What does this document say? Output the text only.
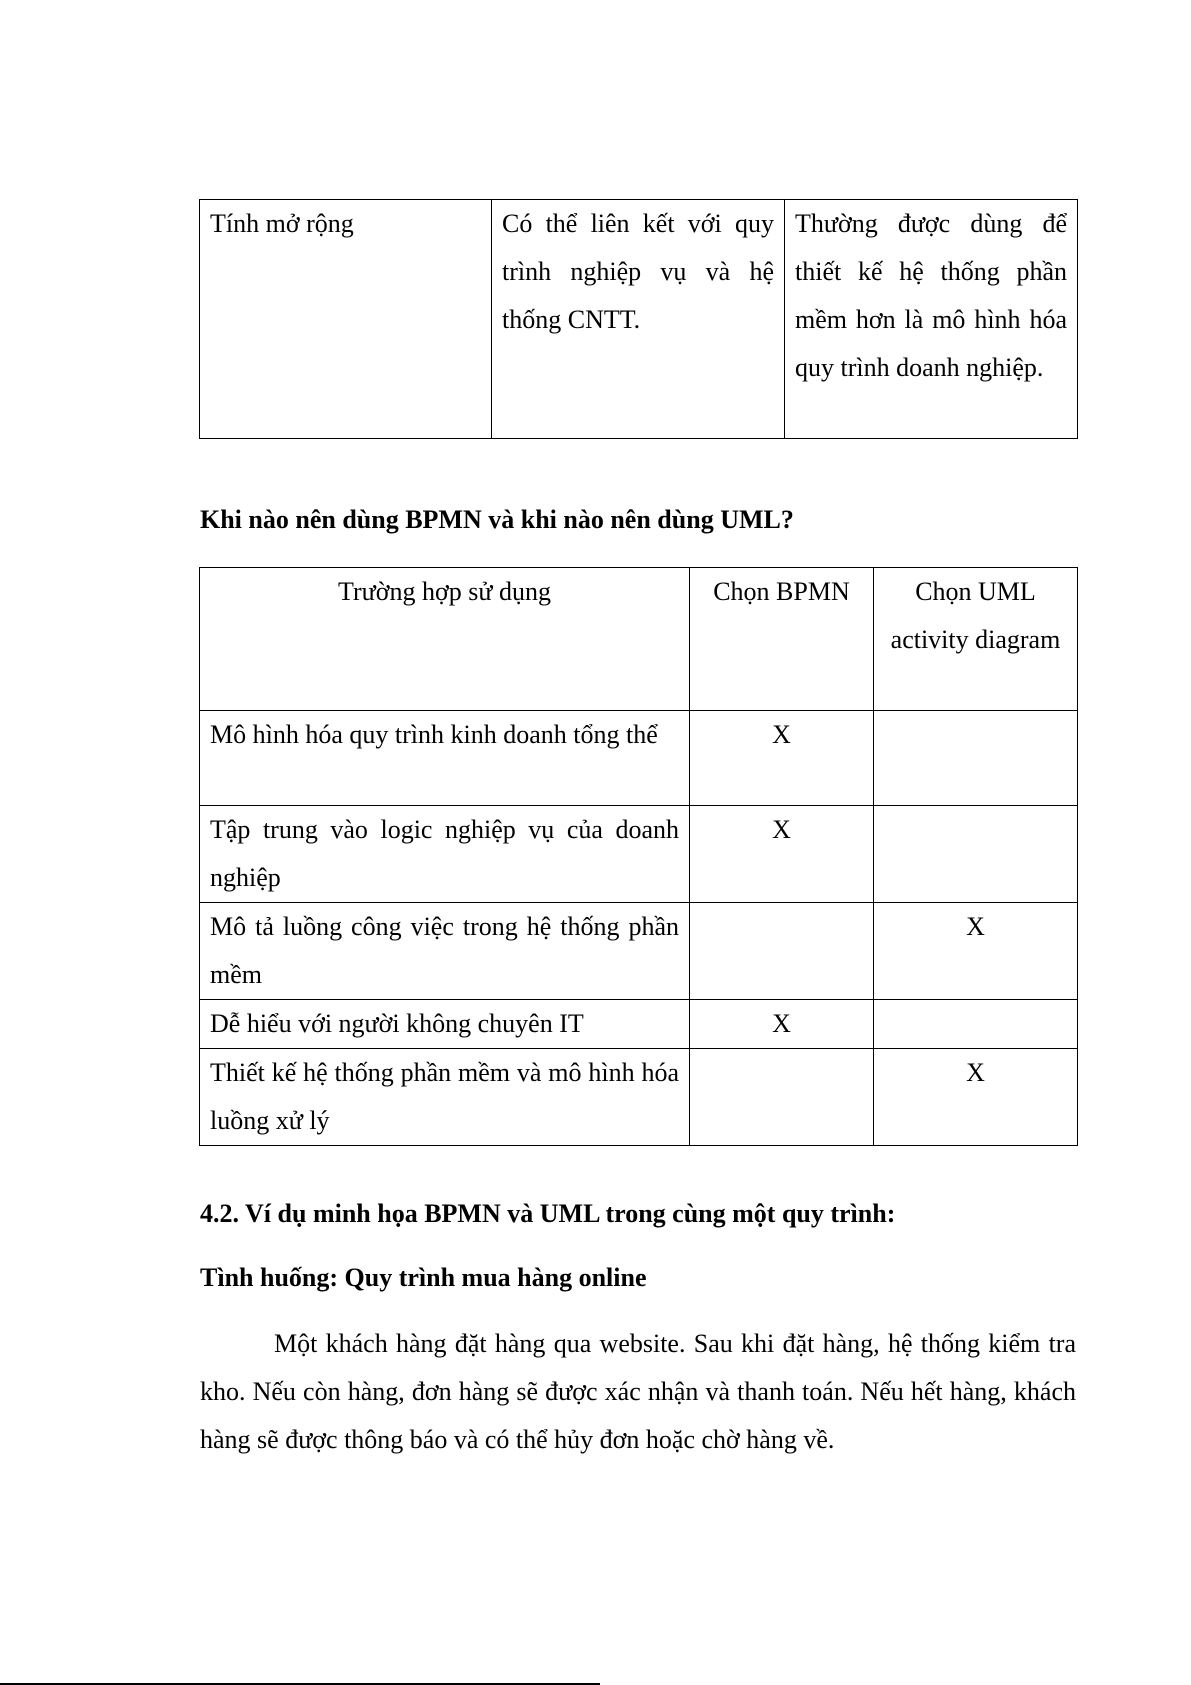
Tính mở rộng	Có thể liên kết với quy trình nghiệp vụ và hệ thống CNTT.	Thường được dùng để thiết kế hệ thống phần mềm hơn là mô hình hóa quy trình doanh nghiệp.
Khi nào nên dùng BPMN và khi nào nên dùng UML?
Trường hợp sử dụng	Chọn BPMN	Chọn UML activity diagram
Mô hình hóa quy trình kinh doanh tổng thể	X	
Tập trung vào logic nghiệp vụ của doanh nghiệp	X	
Mô tả luồng công việc trong hệ thống phần mềm		X
Dễ hiểu với người không chuyên IT	X	
Thiết kế hệ thống phần mềm và mô hình hóa luồng xử lý		X
4.2. Ví dụ minh họa BPMN và UML trong cùng một quy trình:
Tình huống: Quy trình mua hàng online
Một khách hàng đặt hàng qua website. Sau khi đặt hàng, hệ thống kiểm tra kho. Nếu còn hàng, đơn hàng sẽ được xác nhận và thanh toán. Nếu hết hàng, khách hàng sẽ được thông báo và có thể hủy đơn hoặc chờ hàng về.
